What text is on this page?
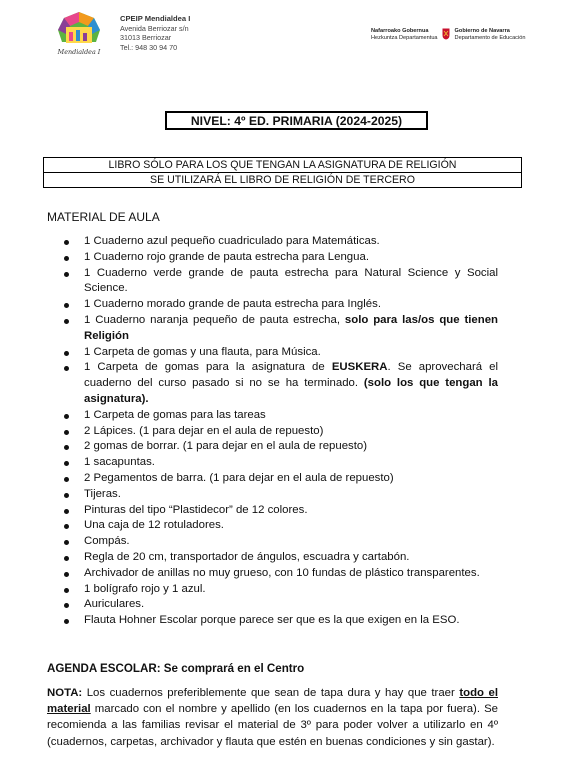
Mendialdea I
CPEIP Mendialdea I
Avenida Berriozar s/n
31013 Berriozar
Tel.: 948 30 94 70
Nafarroako Gobernua
Hezkuntza Departamentua
Gobierno de Navarra
Departamento de Educación
NIVEL: 4º ED. PRIMARIA (2024-2025)
LIBRO SÓLO PARA LOS QUE TENGAN LA ASIGNATURA DE RELIGIÓN
SE UTILIZARÁ EL LIBRO DE RELIGIÓN DE TERCERO
MATERIAL DE AULA
1 Cuaderno azul pequeño cuadriculado para Matemáticas.
1 Cuaderno rojo grande de pauta estrecha para Lengua.
1 Cuaderno verde grande de pauta estrecha para Natural Science y Social Science.
1 Cuaderno morado grande de pauta estrecha para Inglés.
1 Cuaderno naranja pequeño de pauta estrecha, solo para las/os que tienen Religión
1 Carpeta de gomas y una flauta, para Música.
1 Carpeta de gomas para la asignatura de EUSKERA. Se aprovechará el cuaderno del curso pasado si no se ha terminado. (solo los que tengan la asignatura).
1 Carpeta de gomas para las tareas
2 Lápices. (1 para dejar en el aula de repuesto)
2 gomas de borrar. (1 para dejar en el aula de repuesto)
1 sacapuntas.
2 Pegamentos de barra. (1 para dejar en el aula de repuesto)
Tijeras.
Pinturas del tipo “Plastidecor” de 12 colores.
Una caja de 12 rotuladores.
Compás.
Regla de 20 cm, transportador de ángulos, escuadra y cartabón.
Archivador de anillas no muy grueso, con 10 fundas de plástico transparentes.
1 bolígrafo rojo y 1 azul.
Auriculares.
Flauta Hohner Escolar porque parece ser que es la que exigen en la ESO.
AGENDA ESCOLAR: Se comprará en el Centro
NOTA: Los cuadernos preferiblemente que sean de tapa dura y hay que traer todo el material marcado con el nombre y apellido (en los cuadernos en la tapa por fuera). Se recomienda a las familias revisar el material de 3º para poder volver a utilizarlo en 4º (cuadernos, carpetas, archivador y flauta que estén en buenas condiciones y sin gastar).
